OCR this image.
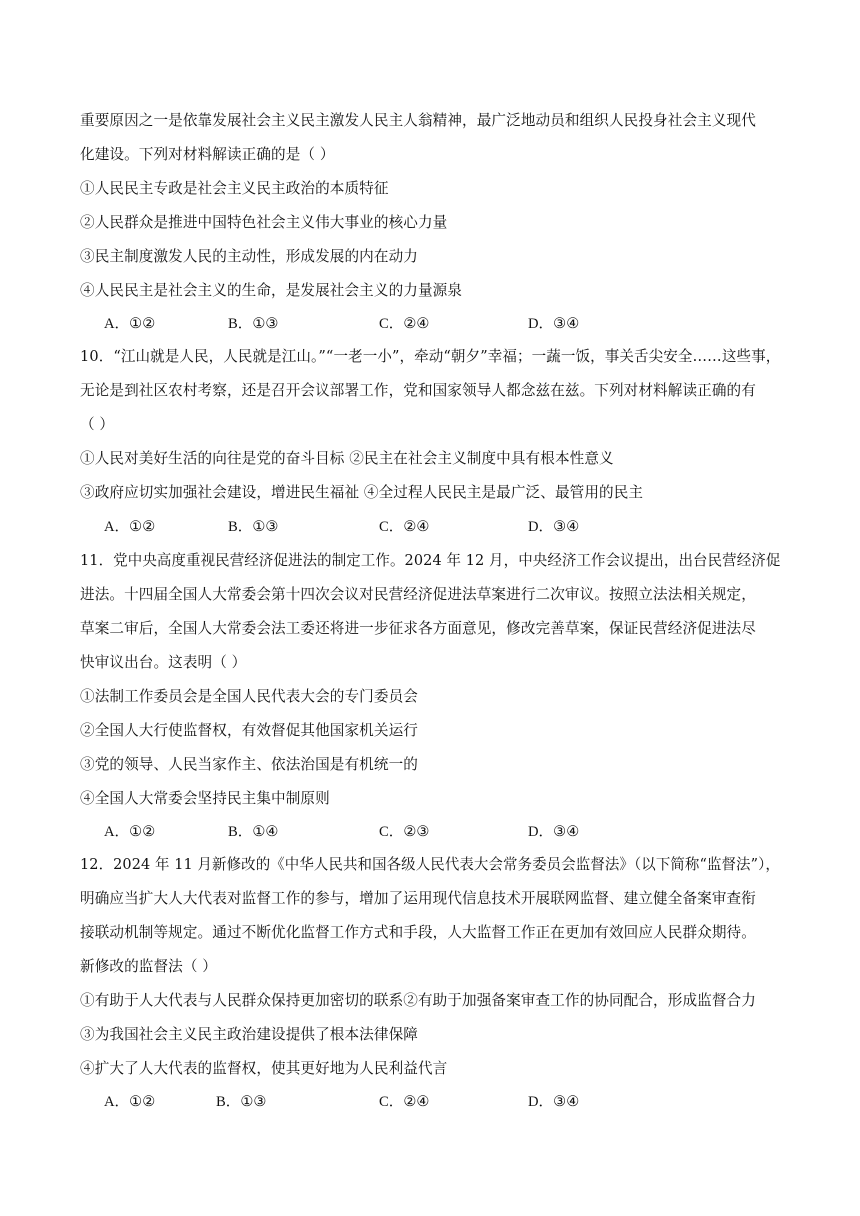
重要原因之一是依靠发展社会主义民主激发人民主人翁精神，最广泛地动员和组织人民投身社会主义现代
化建设。下列对材料解读正确的是（ ）
①人民民主专政是社会主义民主政治的本质特征
②人民群众是推进中国特色社会主义伟大事业的核心力量
③民主制度激发人民的主动性，形成发展的内在动力
④人民民主是社会主义的生命，是发展社会主义的力量源泉
A．①②	B．①③	C．②④	D．③④
10．“江山就是人民，人民就是江山。”“一老一小”，牵动“朝夕”幸福；一蔬一饭，事关舌尖安全……这些事，
无论是到社区农村考察，还是召开会议部署工作，党和国家领导人都念兹在兹。下列对材料解读正确的有
（ ）
①人民对美好生活的向往是党的奋斗目标 ②民主在社会主义制度中具有根本性意义
③政府应切实加强社会建设，增进民生福祉 ④全过程人民民主是最广泛、最管用的民主
A．①②	B．①③	C．②④	D．③④
11．党中央高度重视民营经济促进法的制定工作。2024 年 12 月，中央经济工作会议提出，出台民营经济促
进法。十四届全国人大常委会第十四次会议对民营经济促进法草案进行二次审议。按照立法法相关规定，
草案二审后，全国人大常委会法工委还将进一步征求各方面意见，修改完善草案，保证民营经济促进法尽
快审议出台。这表明（ ）
①法制工作委员会是全国人民代表大会的专门委员会
②全国人大行使监督权，有效督促其他国家机关运行
③党的领导、人民当家作主、依法治国是有机统一的
④全国人大常委会坚持民主集中制原则
A．①②	B．①④	C．②③	D．③④
12．2024 年 11 月新修改的《中华人民共和国各级人民代表大会常务委员会监督法》（以下简称“监督法”），
明确应当扩大人大代表对监督工作的参与，增加了运用现代信息技术开展联网监督、建立健全备案审查衔
接联动机制等规定。通过不断优化监督工作方式和手段，人大监督工作正在更加有效回应人民群众期待。
新修改的监督法（ ）
①有助于人大代表与人民群众保持更加密切的联系②有助于加强备案审查工作的协同配合，形成监督合力
③为我国社会主义民主政治建设提供了根本法律保障
④扩大了人大代表的监督权，使其更好地为人民利益代言
A．①②	B．①③	C．②④	D．③④
